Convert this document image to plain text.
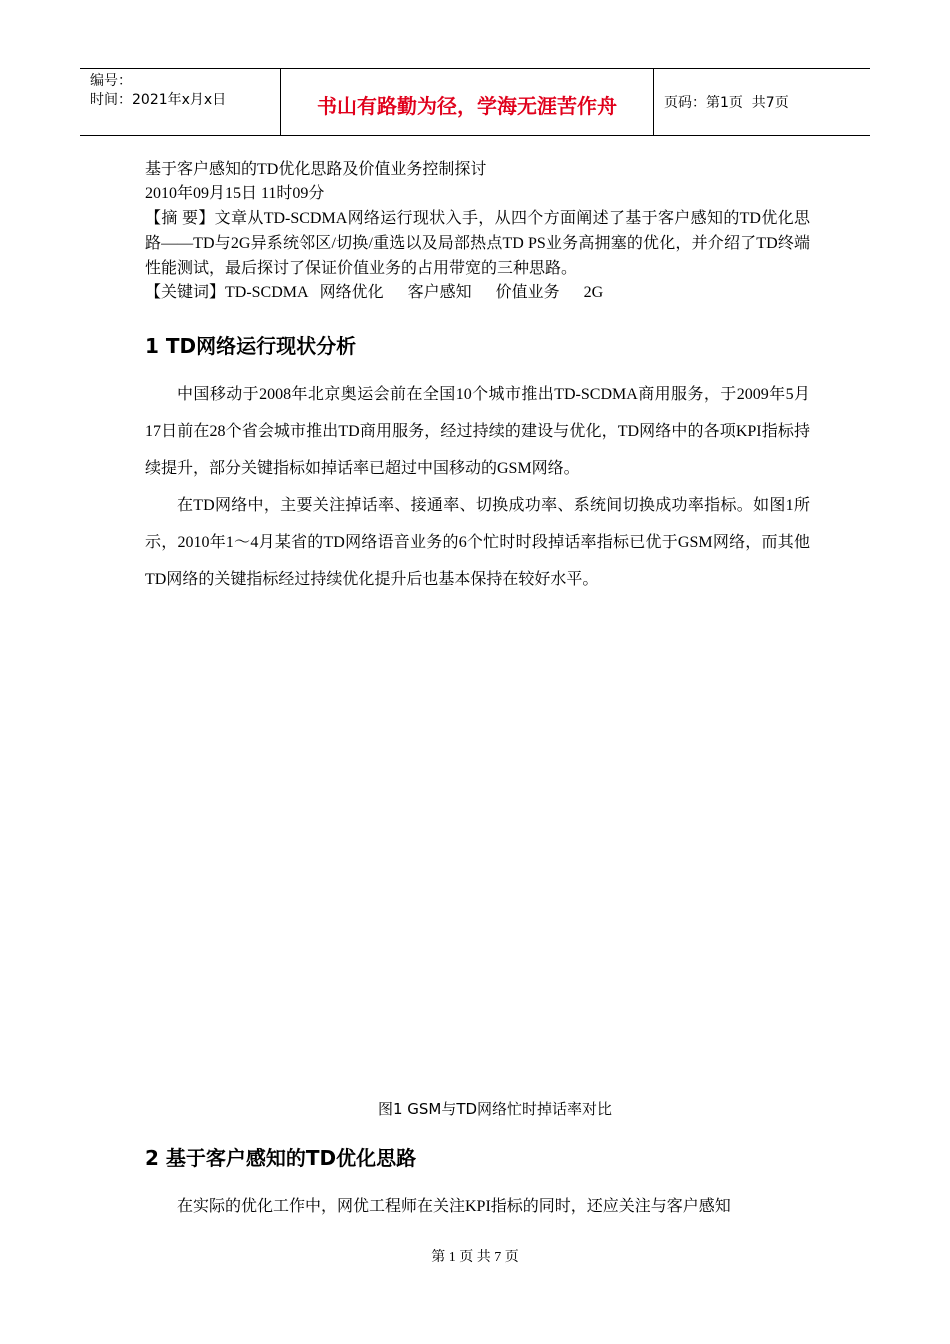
编号：
时间：2021年x月x日	书山有路勤为径，学海无涯苦作舟	页码：第1页  共7页
基于客户感知的TD优化思路及价值业务控制探讨
2010年09月15日 11时09分
【摘 要】文章从TD-SCDMA网络运行现状入手，从四个方面阐述了基于客户感知的TD优化思路——TD与2G异系统邻区/切换/重选以及局部热点TD PS业务高拥塞的优化，并介绍了TD终端性能测试，最后探讨了保证价值业务的占用带宽的三种思路。
【关键词】TD-SCDMA   网络优化      客户感知      价值业务      2G
1 TD网络运行现状分析
中国移动于2008年北京奥运会前在全国10个城市推出TD-SCDMA商用服务，于2009年5月17日前在28个省会城市推出TD商用服务，经过持续的建设与优化，TD网络中的各项KPI指标持续提升，部分关键指标如掉话率已超过中国移动的GSM网络。
在TD网络中，主要关注掉话率、接通率、切换成功率、系统间切换成功率指标。如图1所示，2010年1～4月某省的TD网络语音业务的6个忙时时段掉话率指标已优于GSM网络，而其他TD网络的关键指标经过持续优化提升后也基本保持在较好水平。
图1 GSM与TD网络忙时掉话率对比
2 基于客户感知的TD优化思路
在实际的优化工作中，网优工程师在关注KPI指标的同时，还应关注与客户感知
第 1 页 共 7 页
